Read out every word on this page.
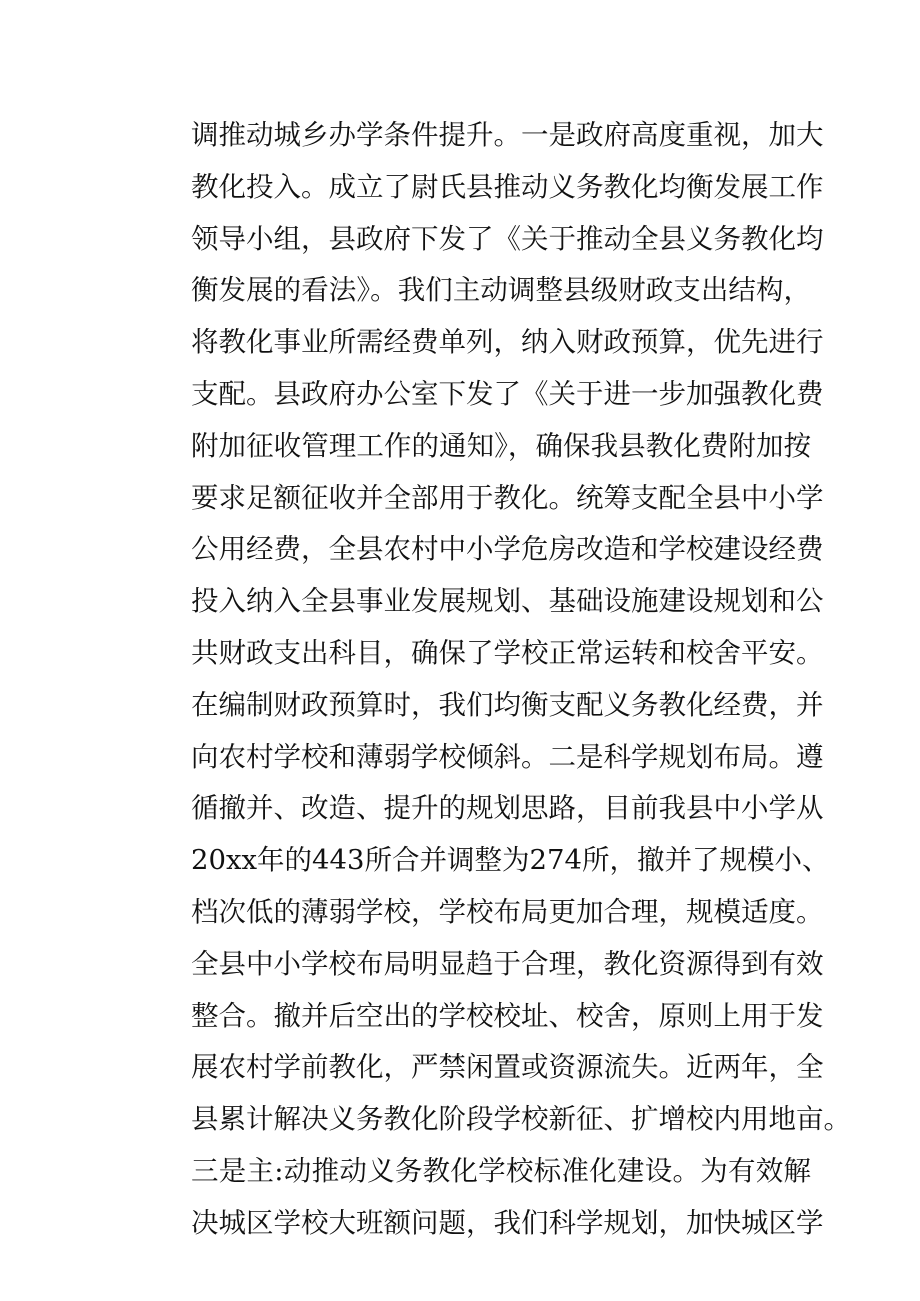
调推动城乡办学条件提升。一是政府高度重视，加大
教化投入。成立了尉氏县推动义务教化均衡发展工作
领导小组，县政府下发了《关于推动全县义务教化均
衡发展的看法》。我们主动调整县级财政支出结构，
将教化事业所需经费单列，纳入财政预算，优先进行
支配。县政府办公室下发了《关于进一步加强教化费
附加征收管理工作的通知》，确保我县教化费附加按
要求足额征收并全部用于教化。统筹支配全县中小学
公用经费，全县农村中小学危房改造和学校建设经费
投入纳入全县事业发展规划、基础设施建设规划和公
共财政支出科目，确保了学校正常运转和校舍平安。
在编制财政预算时，我们均衡支配义务教化经费，并
向农村学校和薄弱学校倾斜。二是科学规划布局。遵
循撤并、改造、提升的规划思路，目前我县中小学从
20xx年的443所合并调整为274所，撤并了规模小、
档次低的薄弱学校，学校布局更加合理，规模适度。
全县中小学校布局明显趋于合理，教化资源得到有效
整合。撤并后空出的学校校址、校舍，原则上用于发
展农村学前教化，严禁闲置或资源流失。近两年，全
县累计解决义务教化阶段学校新征、扩增校内用地亩。
三是主:动推动义务教化学校标准化建设。为有效解
决城区学校大班额问题，我们科学规划，加快城区学
